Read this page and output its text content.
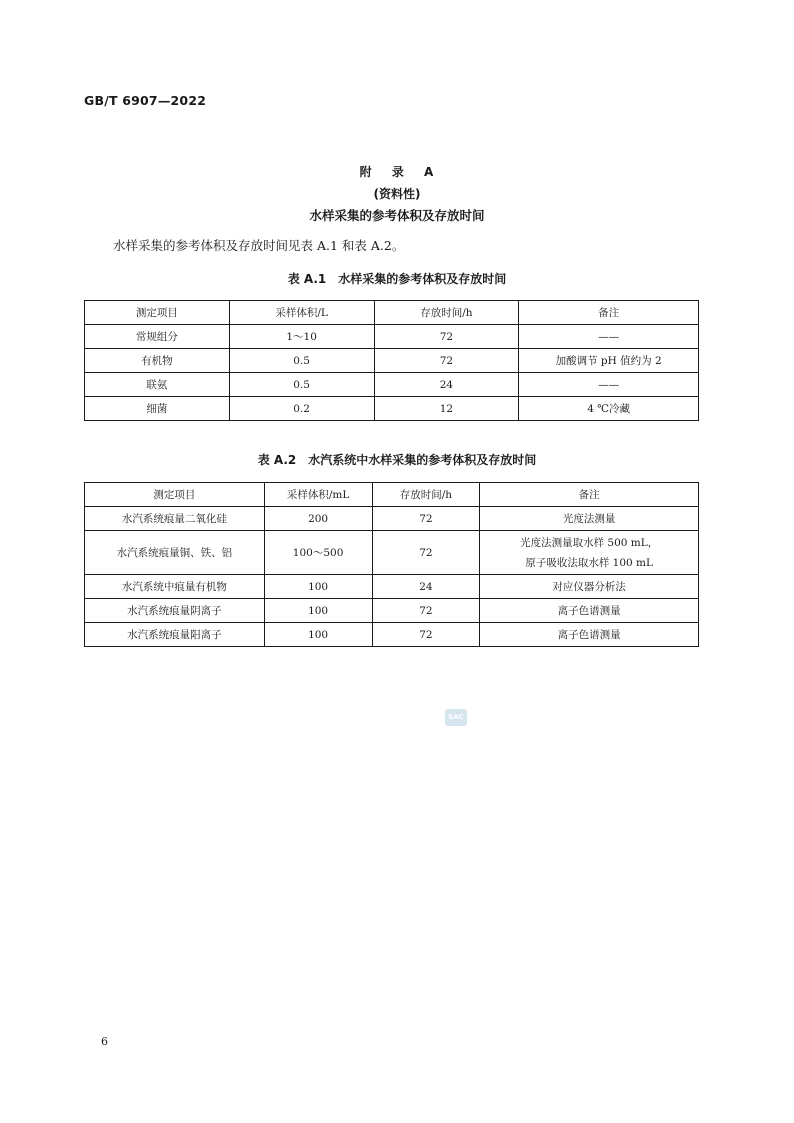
GB/T 6907—2022
附 录 A
(资料性)
水样采集的参考体积及存放时间
水样采集的参考体积及存放时间见表 A.1 和表 A.2。
表 A.1　水样采集的参考体积及存放时间
测定项目	采样体积/L	存放时间/h	备注
常规组分	1～10	72	——
有机物	0.5	72	加酸调节 pH 值约为 2
联氨	0.5	24	——
细菌	0.2	12	4 ℃冷藏
表 A.2　水汽系统中水样采集的参考体积及存放时间
测定项目	采样体积/mL	存放时间/h	备注
水汽系统痕量二氧化硅	200	72	光度法测量
水汽系统痕量铜、铁、铝	100～500	72	光度法测量取水样 500 mL，
原子吸收法取水样 100 mL

水汽系统中痕量有机物	100	24	对应仪器分析法
水汽系统痕量阴离子	100	72	离子色谱测量
水汽系统痕量阳离子	100	72	离子色谱测量
SAC
6
